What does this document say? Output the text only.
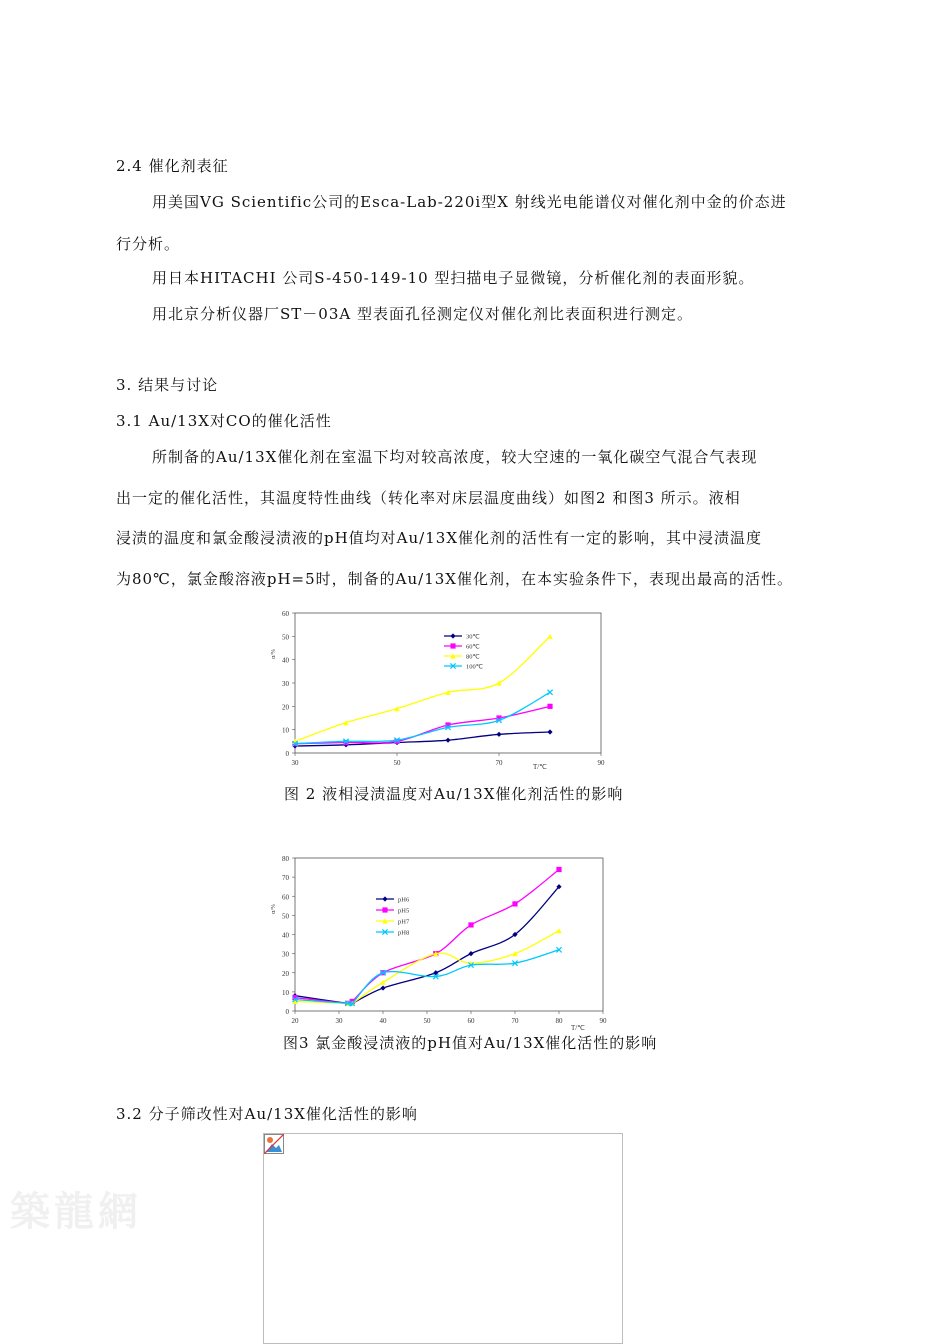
2.4 催化剂表征
用美国VG Scientific公司的Esca-Lab-220i型X 射线光电能谱仪对催化剂中金的价态进
行分析。
用日本HITACHI 公司S-450-149-10 型扫描电子显微镜，分析催化剂的表面形貌。
用北京分析仪器厂ST－03A 型表面孔径测定仪对催化剂比表面积进行测定。
3. 结果与讨论
3.1 Au/13X对CO的催化活性
所制备的Au/13X催化剂在室温下均对较高浓度，较大空速的一氧化碳空气混合气表现
出一定的催化活性，其温度特性曲线（转化率对床层温度曲线）如图2 和图3 所示。液相
浸渍的温度和氯金酸浸渍液的pH值均对Au/13X催化剂的活性有一定的影响，其中浸渍温度
为80℃，氯金酸溶液pH=5时，制备的Au/13X催化剂，在本实验条件下，表现出最高的活性。
0
10
20
30
40
50
60
30	50	70	90
T/℃
α/%
30℃
60℃
80℃
100℃
图 2 液相浸渍温度对Au/13X催化剂活性的影响
0
10
20
30
40
50
60
70
80
20	30	40	50	60	70	80	90
T/℃
α/%
pH6
pH5
pH7
pH8
图3 氯金酸浸渍液的pH值对Au/13X催化活性的影响
3.2 分子筛改性对Au/13X催化活性的影响
築龍網
